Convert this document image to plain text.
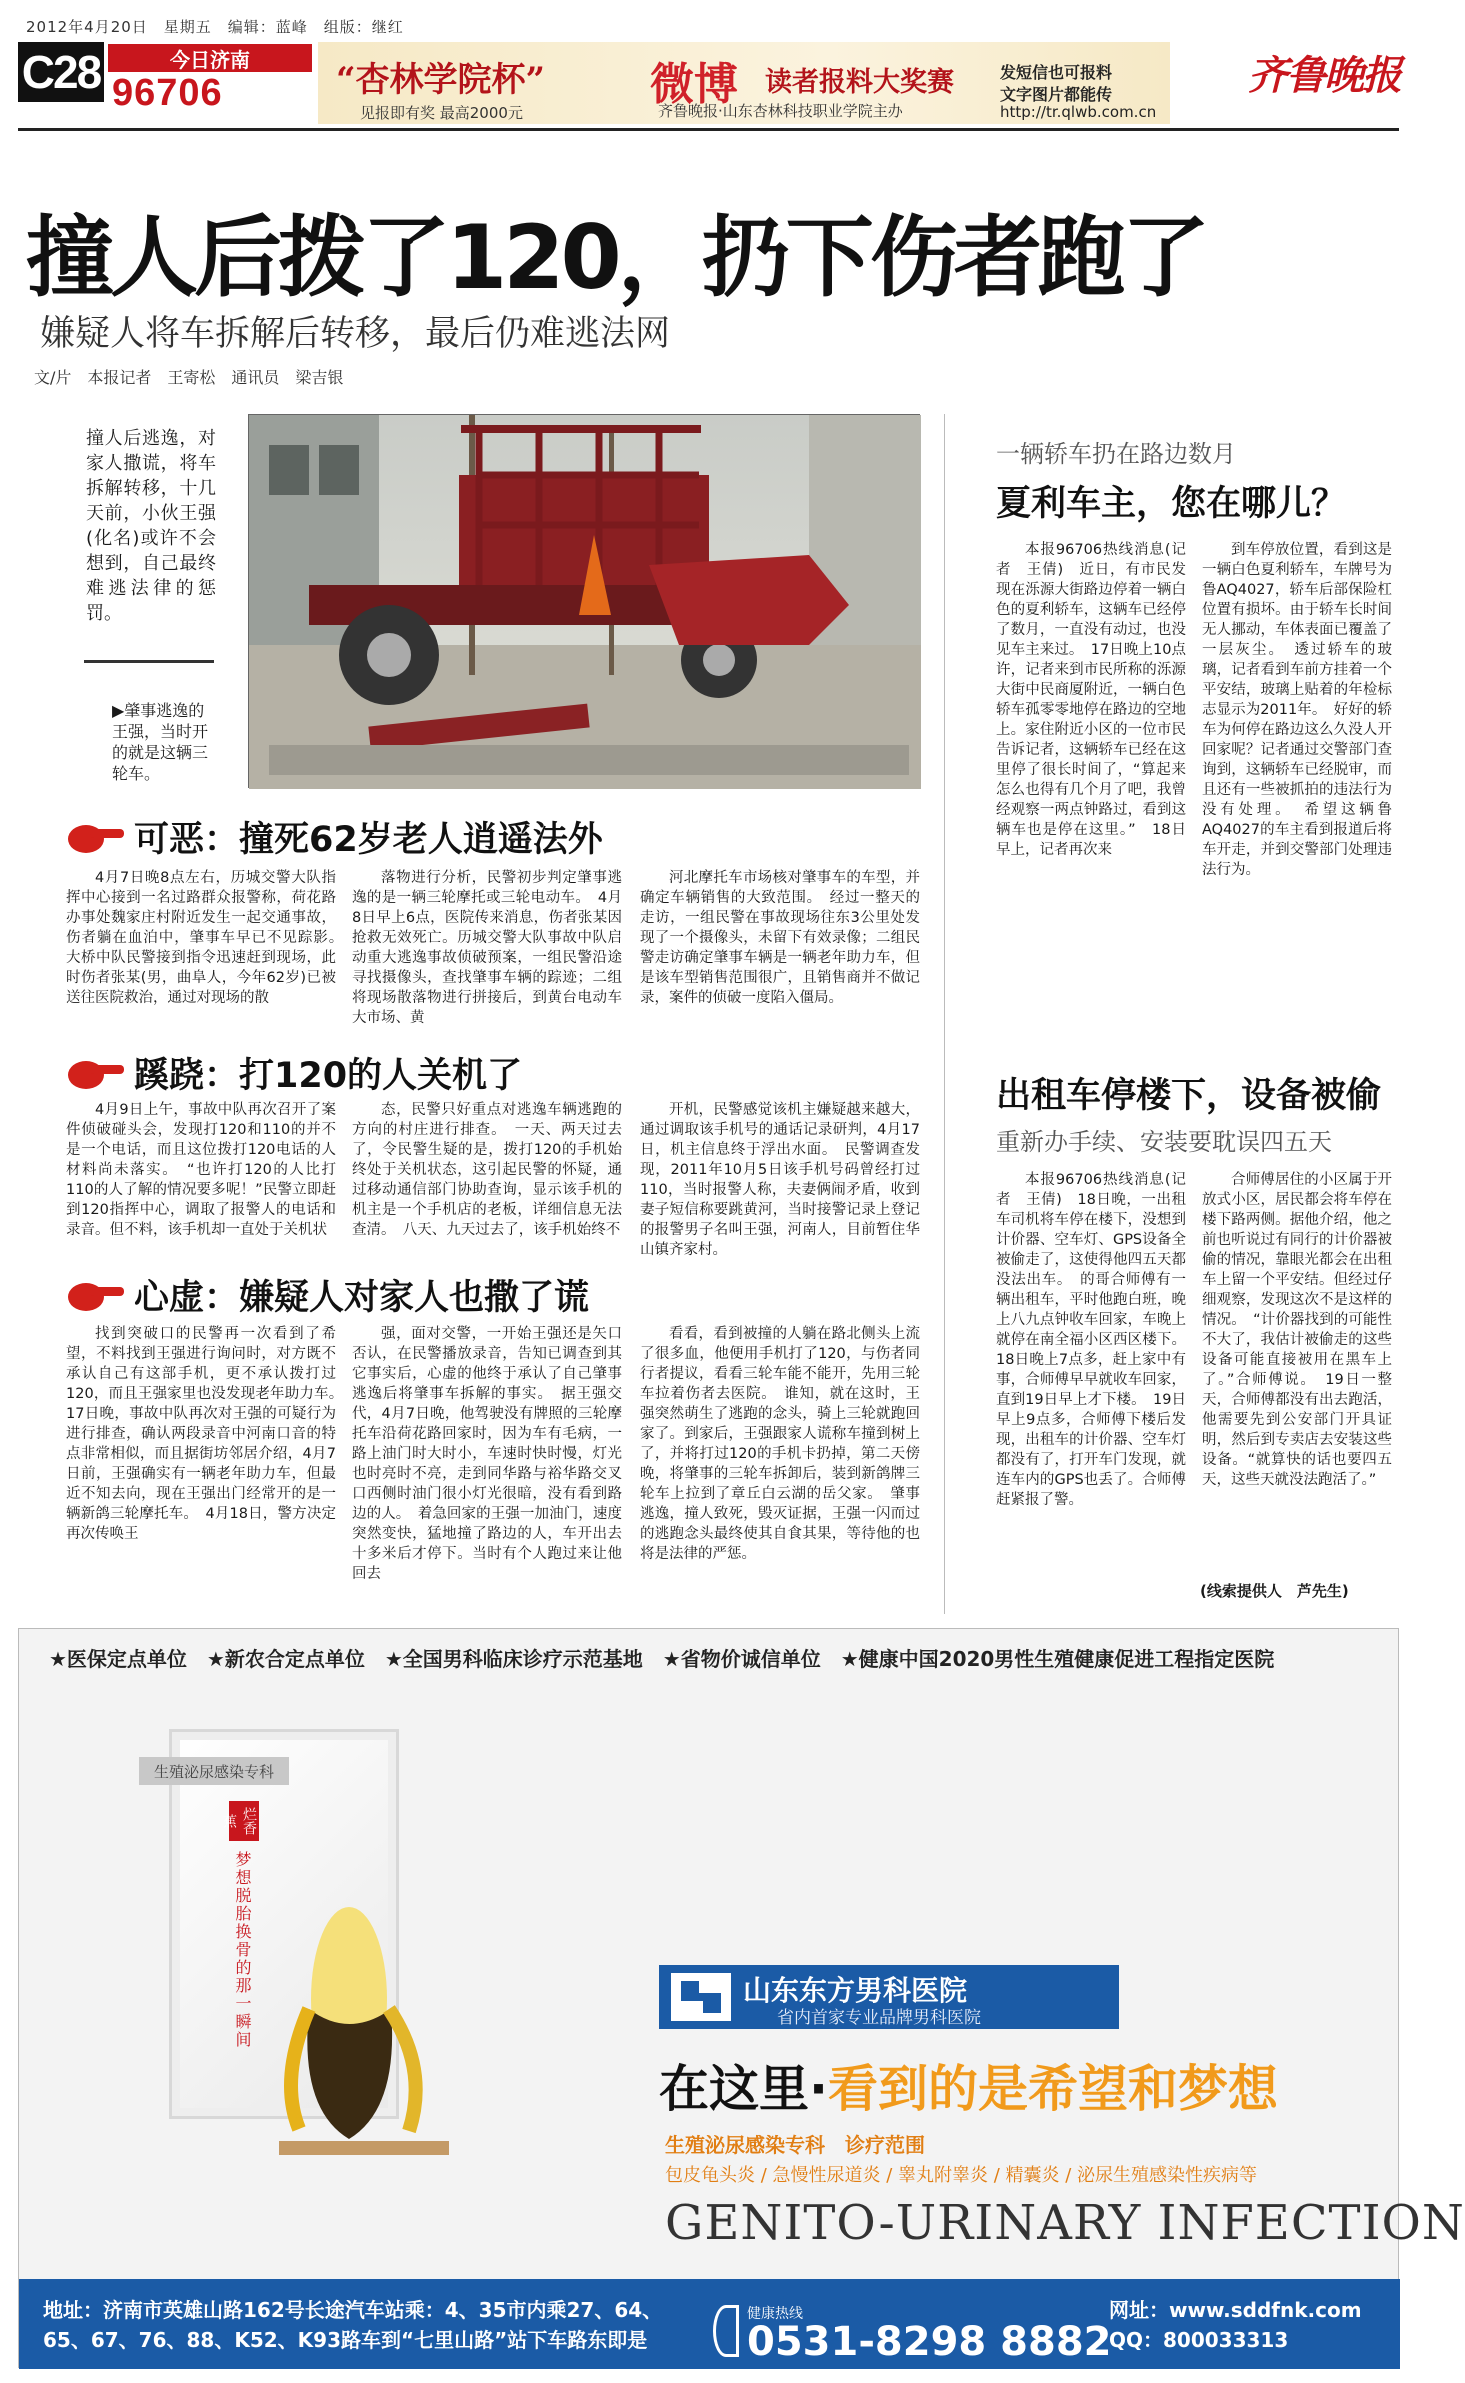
2012年4月20日　星期五　编辑：蓝峰　组版：继红
C28	今日济南
96706	“杏林学院杯”
见报即有奖 最高2000元
微博 读者报料大奖赛
齐鲁晚报·山东杏林科技职业学院主办
发短信也可报料
文字图片都能传
http://tr.qlwb.com.cn
齐鲁晚报
撞人后拨了120，扔下伤者跑了
嫌疑人将车拆解后转移，最后仍难逃法网
文/片　本报记者　王寄松　通讯员　梁吉银
撞人后逃逸，对家人撒谎，将车拆解转移，十几天前，小伙王强(化名)或许不会想到，自己最终难逃法律的惩罚。
▶肇事逃逸的王强，当时开的就是这辆三轮车。
可恶：撞死62岁老人逍遥法外

4月7日晚8点左右，历城交警大队指挥中心接到一名过路群众报警称，荷花路办事处魏家庄村附近发生一起交通事故，伤者躺在血泊中，肇事车早已不见踪影。　大桥中队民警接到指令迅速赶到现场，此时伤者张某(男，曲阜人，今年62岁)已被送往医院救治，通过对现场的散

落物进行分析，民警初步判定肇事逃逸的是一辆三轮摩托或三轮电动车。　4月8日早上6点，医院传来消息，伤者张某因抢救无效死亡。历城交警大队事故中队启动重大逃逸事故侦破预案，一组民警沿途寻找摄像头，查找肇事车辆的踪迹；二组将现场散落物进行拼接后，到黄台电动车大市场、黄

河北摩托车市场核对肇事车的车型，并确定车辆销售的大致范围。　经过一整天的走访，一组民警在事故现场往东3公里处发现了一个摄像头，未留下有效录像；二组民警走访确定肇事车辆是一辆老年助力车，但是该车型销售范围很广，且销售商并不做记录，案件的侦破一度陷入僵局。

蹊跷：打120的人关机了

4月9日上午，事故中队再次召开了案件侦破碰头会，发现打120和110的并不是一个电话，而且这位拨打120电话的人材料尚未落实。　“也许打120的人比打110的人了解的情况要多呢！”民警立即赶到120指挥中心，调取了报警人的电话和录音。但不料，该手机却一直处于关机状

态，民警只好重点对逃逸车辆逃跑的方向的村庄进行排查。　一天、两天过去了，令民警生疑的是，拨打120的手机始终处于关机状态，这引起民警的怀疑，通过移动通信部门协助查询，显示该手机的机主是一个手机店的老板，详细信息无法查清。　八天、九天过去了，该手机始终不

开机，民警感觉该机主嫌疑越来越大，通过调取该手机号的通话记录研判，4月17日，机主信息终于浮出水面。　民警调查发现，2011年10月5日该手机号码曾经打过110，当时报警人称，夫妻俩闹矛盾，收到妻子短信称要跳黄河，当时接警记录上登记的报警男子名叫王强，河南人，目前暂住华山镇齐家村。

心虚：嫌疑人对家人也撒了谎

找到突破口的民警再一次看到了希望，不料找到王强进行询问时，对方既不承认自己有这部手机，更不承认拨打过120，而且王强家里也没发现老年助力车。　17日晚，事故中队再次对王强的可疑行为进行排查，确认两段录音中河南口音的特点非常相似，而且据街坊邻居介绍，4月7日前，王强确实有一辆老年助力车，但最近不知去向，现在王强出门经常开的是一辆新鸽三轮摩托车。　4月18日，警方决定再次传唤王

强，面对交警，一开始王强还是矢口否认，在民警播放录音，告知已调查到其它事实后，心虚的他终于承认了自己肇事逃逸后将肇事车拆解的事实。　据王强交代，4月7日晚，他驾驶没有牌照的三轮摩托车沿荷花路回家时，因为车有毛病，一路上油门时大时小，车速时快时慢，灯光也时亮时不亮，走到同华路与裕华路交叉口西侧时油门很小灯光很暗，没有看到路边的人。　着急回家的王强一加油门，速度突然变快，猛地撞了路边的人，车开出去十多米后才停下。当时有个人跑过来让他回去

看看，看到被撞的人躺在路北侧头上流了很多血，他便用手机打了120，与伤者同行者提议，看看三轮车能不能开，先用三轮车拉着伤者去医院。　谁知，就在这时，王强突然萌生了逃跑的念头，骑上三轮就跑回家了。到家后，王强跟家人谎称车撞到树上了，并将打过120的手机卡扔掉，第二天傍晚，将肇事的三轮车拆卸后，装到新鸽牌三轮车上拉到了章丘白云湖的岳父家。　肇事逃逸，撞人致死，毁灭证据，王强一闪而过的逃跑念头最终使其自食其果，等待他的也将是法律的严惩。

一辆轿车扔在路边数月
夏利车主，您在哪儿？

本报96706热线消息(记者　王倩)　近日，有市民发现在泺源大街路边停着一辆白色的夏利轿车，这辆车已经停了数月，一直没有动过，也没见车主来过。　17日晚上10点许，记者来到市民所称的泺源大街中民商厦附近，一辆白色轿车孤零零地停在路边的空地上。家住附近小区的一位市民告诉记者，这辆轿车已经在这里停了很长时间了，“算起来怎么也得有几个月了吧，我曾经观察一两点钟路过，看到这辆车也是停在这里。”　18日早上，记者再次来

到车停放位置，看到这是一辆白色夏利轿车，车牌号为鲁AQ4027，轿车后部保险杠位置有损坏。由于轿车长时间无人挪动，车体表面已覆盖了一层灰尘。　透过轿车的玻璃，记者看到车前方挂着一个平安结，玻璃上贴着的年检标志显示为2011年。　好好的轿车为何停在路边这么久没人开回家呢？记者通过交警部门查询到，这辆轿车已经脱审，而且还有一些被抓拍的违法行为没有处理。　希望这辆鲁AQ4027的车主看到报道后将车开走，并到交警部门处理违法行为。

出租车停楼下，设备被偷
重新办手续、安装要耽误四五天

本报96706热线消息(记者　王倩)　18日晚，一出租车司机将车停在楼下，没想到计价器、空车灯、GPS设备全被偷走了，这使得他四五天都没法出车。　的哥合师傅有一辆出租车，平时他跑白班，晚上八九点钟收车回家，车晚上就停在南全福小区西区楼下。18日晚上7点多，赶上家中有事，合师傅早早就收车回家，直到19日早上才下楼。　19日早上9点多，合师傅下楼后发现，出租车的计价器、空车灯都没有了，打开车门发现，就连车内的GPS也丢了。合师傅赶紧报了警。

合师傅居住的小区属于开放式小区，居民都会将车停在楼下路两侧。据他介绍，他之前也听说过有同行的计价器被偷的情况，靠眼光都会在出租车上留一个平安结。但经过仔细观察，发现这次不是这样的情况。　“计价器找到的可能性不大了，我估计被偷走的这些设备可能直接被用在黑车上了。”合师傅说。　19日一整天，合师傅都没有出去跑活，他需要先到公安部门开具证明，然后到专卖店去安装这些设备。“就算快的话也要四五天，这些天就没法跑活了。”

(线索提供人　芦先生)
★医保定点单位　★新农合定点单位　★全国男科临床诊疗示范基地　★省物价诚信单位　★健康中国2020男性生殖健康促进工程指定医院
生殖泌尿感染专科
烂香蕉
梦想脱胎换骨的那一瞬间	山东东方男科医院
省内首家专业品牌男科医院
在这里·看到的是希望和梦想
生殖泌尿感染专科　诊疗范围
包皮龟头炎 / 急慢性尿道炎 / 睾丸附睾炎 / 精囊炎 / 泌尿生殖感染性疾病等
GENITO-URINARY INFECTION
地址：济南市英雄山路162号长途汽车站乘：4、35市内乘27、64、65、67、76、88、K52、K93路车到“七里山路”站下车路东即是
健康热线
0531-8298 8882
网址：www.sddfnk.com
QQ：800033313
